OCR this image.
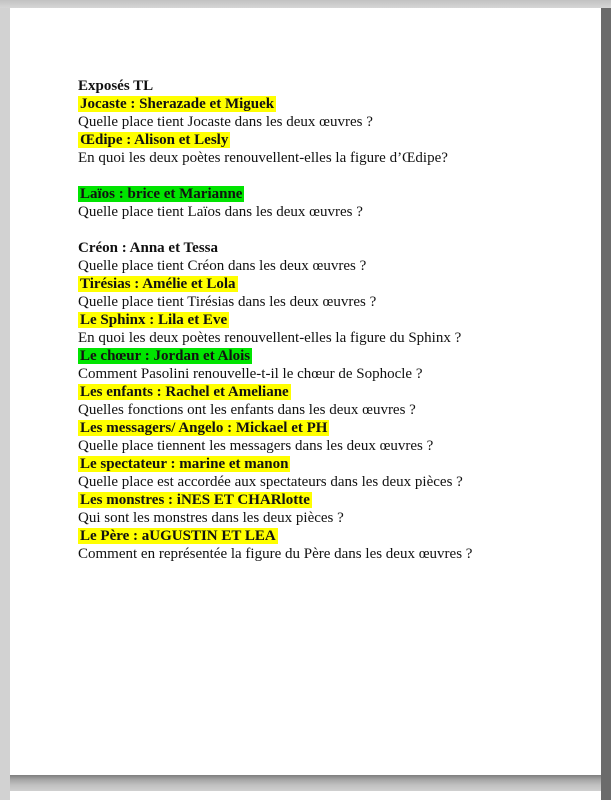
Exposés TL
Jocaste : Sherazade et Miguek
Quelle place tient Jocaste dans les deux œuvres ?
Œdipe : Alison et Lesly
En quoi les deux poètes renouvellent-elles la figure d’Œdipe?

Laïos : brice et Marianne
Quelle place tient Laïos dans les deux œuvres ?

Créon : Anna et Tessa
Quelle place tient Créon dans les deux œuvres ?
Tirésias : Amélie et Lola
Quelle place tient Tirésias dans les deux œuvres ?
Le Sphinx : Lila et Eve
En quoi les deux poètes renouvellent-elles la figure du Sphinx ?
Le chœur : Jordan et Alois
Comment Pasolini renouvelle-t-il le chœur de Sophocle ?
Les enfants : Rachel et Ameliane
Quelles fonctions ont les enfants dans les deux œuvres ?
Les messagers/ Angelo : Mickael et PH
Quelle place tiennent les messagers dans les deux œuvres ?
Le spectateur : marine et manon
Quelle place est accordée aux spectateurs dans les deux pièces ?
Les monstres : iNES ET CHARlotte
Qui sont les monstres dans les deux pièces ?
Le Père : aUGUSTIN ET LEA
Comment en représentée la figure du Père dans les deux œuvres ?
